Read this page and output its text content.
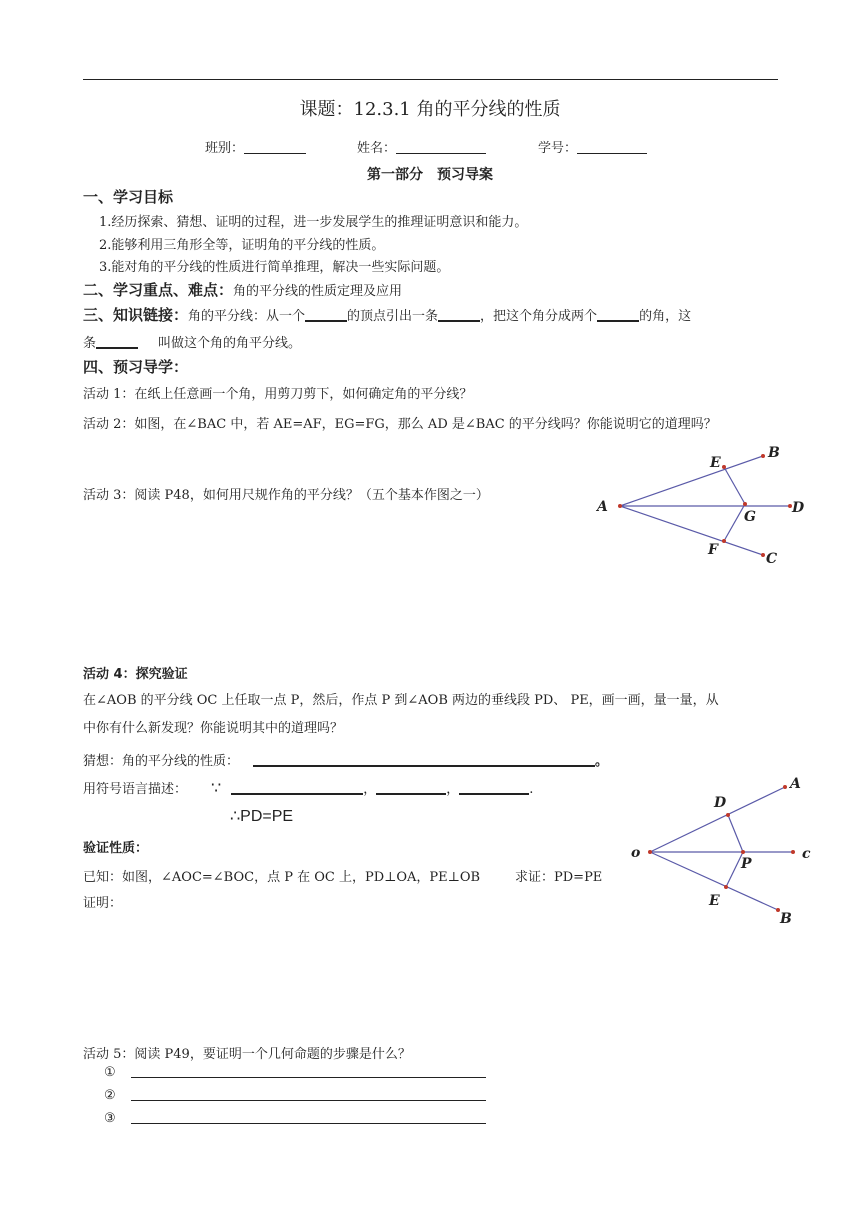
课题：12.3.1 角的平分线的性质
班别：	姓名：	学号：
第一部分　预习导案
一、学习目标
1.经历探索、猜想、证明的过程，进一步发展学生的推理证明意识和能力。
2.能够利用三角形全等，证明角的平分线的性质。
3.能对角的平分线的性质进行简单推理，解决一些实际问题。
二、学习重点、难点：角的平分线的性质定理及应用
三、知识链接：角的平分线：从一个	的顶点引出一条	，把这个角分成两个	的角，这
条	叫做这个角的角平分线。
四、预习导学：
活动 1：在纸上任意画一个角，用剪刀剪下，如何确定角的平分线？
活动 2：如图，在∠BAC 中，若 AE=AF，EG=FG，那么 AD 是∠BAC 的平分线吗？你能说明它的道理吗？
活动 3：阅读 P48，如何用尺规作角的平分线？（五个基本作图之一）
A
B
C
D
E
F
G
活动 4：探究验证
在∠AOB 的平分线 OC 上任取一点 P，然后，作点 P 到∠AOB 两边的垂线段 PD、 PE，画一画，量一量，从
中你有什么新发现？你能说明其中的道理吗？
猜想：角的平分线的性质：	。
用符号语言描述： ∵	，	，	.
∴PD=PE
验证性质：
已知：如图，∠AOC=∠BOC，点 P 在 OC 上，PD⊥OA，PE⊥OB	求证：PD=PE
证明：
o
A
B
c
D
E
P
活动 5：阅读 P49，要证明一个几何命题的步骤是什么？
①
②
③
